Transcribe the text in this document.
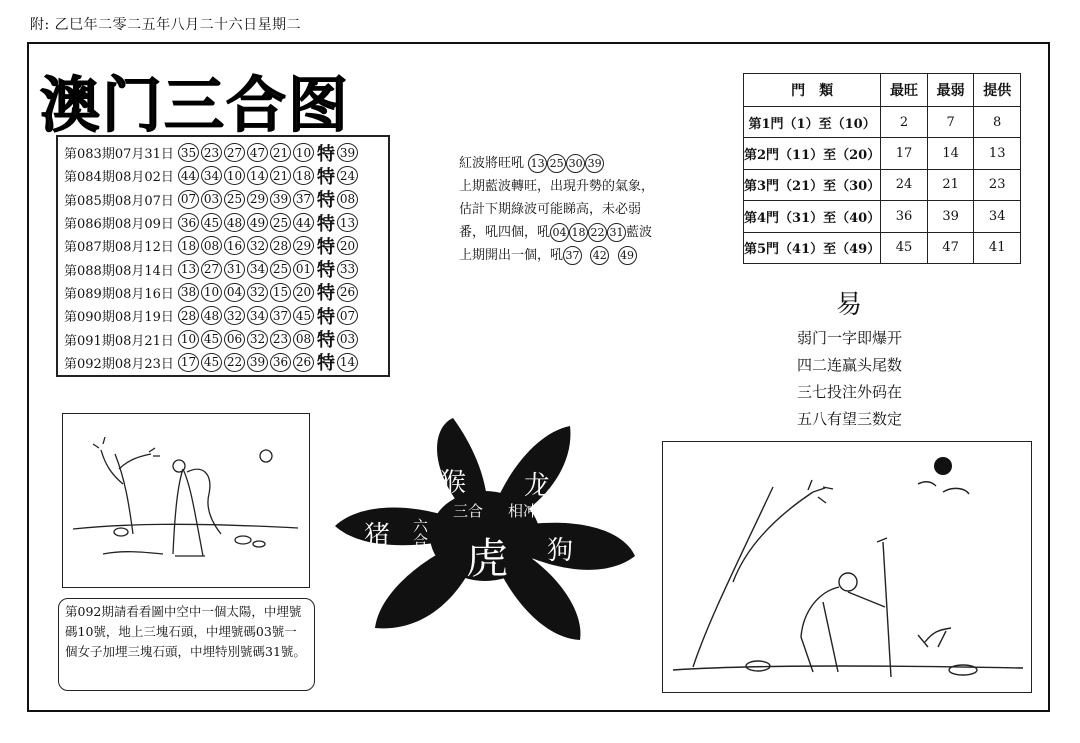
附: 乙巳年二零二五年八月二十六日星期二
澳门三合图
第083期07月31日 35 23 27 47 21 10 特 39
第084期08月02日 44 34 10 14 21 18 特 24
第085期08月07日 07 03 25 29 39 37 特 08
第086期08月09日 36 45 48 49 25 44 特 13
第087期08月12日 18 08 16 32 28 29 特 20
第088期08月14日 13 27 31 34 25 01 特 33
第089期08月16日 38 10 04 32 15 20 特 26
第090期08月19日 28 48 32 34 37 45 特 07
第091期08月21日 10 45 06 32 23 08 特 03
第092期08月23日 17 45 22 39 36 26 特 14
紅波將旺吼 13 25 30 39
上期藍波轉旺，出現升勢的氣象，
估計下期綠波可能睇高，未必弱
番，吼四個，吼 04 18 22 31 藍波
上期開出一個，吼 37 42 49
門　類	最旺	最弱	提供
第1門（1）至（10）	2	7	8
第2門（11）至（20）	17	14	13
第3門（21）至（30）	24	21	23
第4門（31）至（40）	36	39	34
第5門（41）至（49）	45	47	41
易
弱门一字即爆开
四二连赢头尾数
三七投注外码在
五八有望三数定
猴 龙
三合 相冲
猪 六合
虎 狗
第092期請看看圖中空中一個太陽，中埋號碼10號，地上三塊石頭，中埋號碼03號一個女子加埋三塊石頭，中埋特別號碼31號。
